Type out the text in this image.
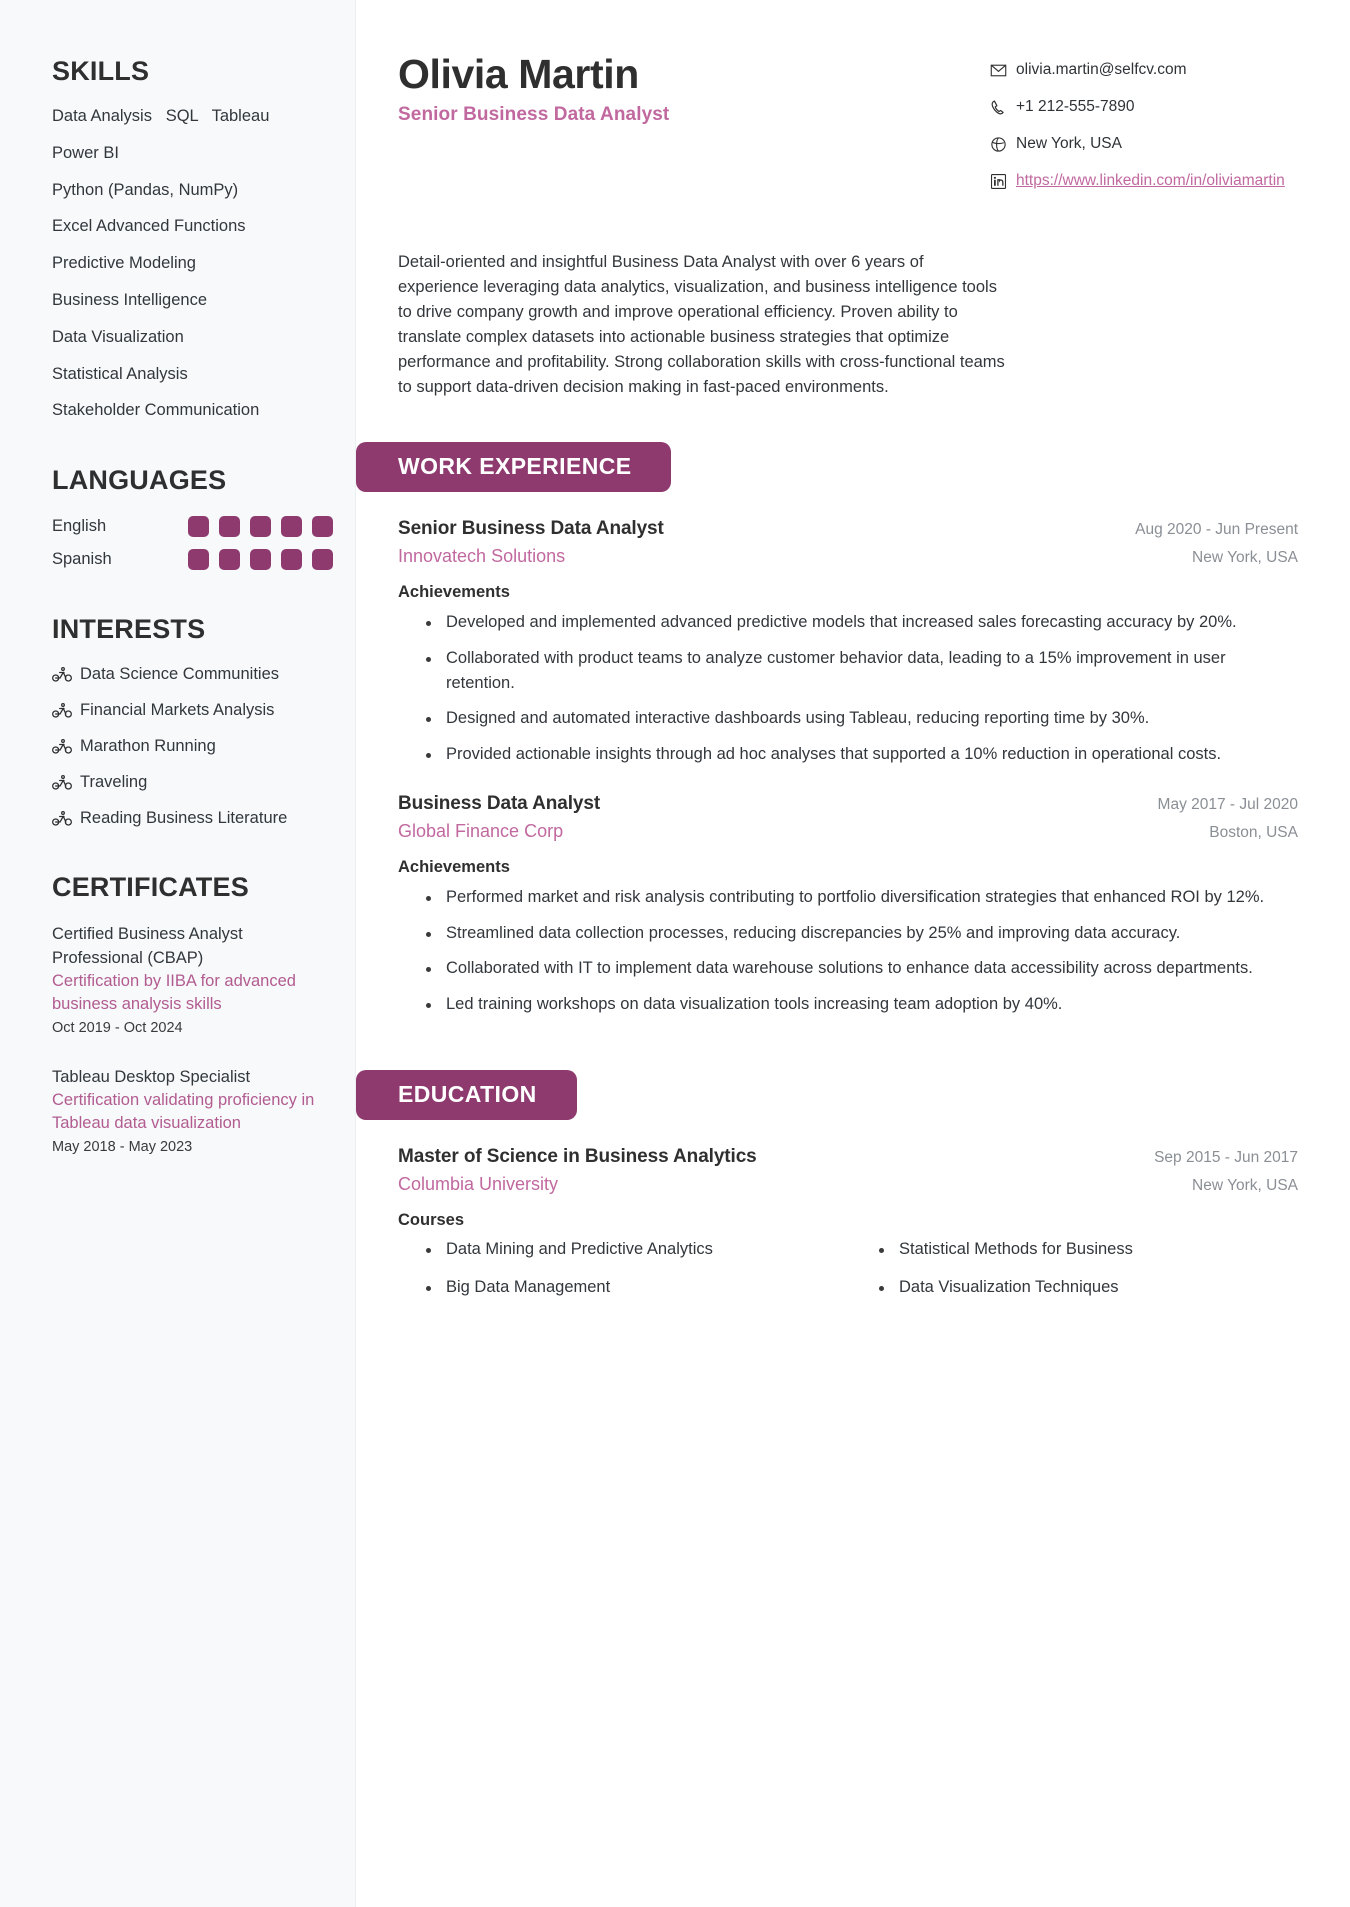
SKILLS
Data Analysis   SQL   Tableau
Power BI
Python (Pandas, NumPy)
Excel Advanced Functions
Predictive Modeling
Business Intelligence
Data Visualization
Statistical Analysis
Stakeholder Communication
LANGUAGES
English
Spanish
INTERESTS
Data Science Communities
Financial Markets Analysis
Marathon Running
Traveling
Reading Business Literature
CERTIFICATES
Certified Business Analyst Professional (CBAP)
Certification by IIBA for advanced business analysis skills
Oct 2019 - Oct 2024
Tableau Desktop Specialist
Certification validating proficiency in Tableau data visualization
May 2018 - May 2023
Olivia Martin
Senior Business Data Analyst
olivia.martin@selfcv.com
+1 212-555-7890
New York, USA
https://www.linkedin.com/in/oliviamartin

Detail-oriented and insightful Business Data Analyst with over 6 years of experience leveraging data analytics, visualization, and business intelligence tools to drive company growth and improve operational efficiency. Proven ability to translate complex datasets into actionable business strategies that optimize performance and profitability. Strong collaboration skills with cross-functional teams to support data-driven decision making in fast-paced environments.

WORK EXPERIENCE
Senior Business Data Analyst
Innovatech Solutions
Aug 2020 - Jun Present
New York, USA
Achievements
Developed and implemented advanced predictive models that increased sales forecasting accuracy by 20%.
Collaborated with product teams to analyze customer behavior data, leading to a 15% improvement in user retention.
Designed and automated interactive dashboards using Tableau, reducing reporting time by 30%.
Provided actionable insights through ad hoc analyses that supported a 10% reduction in operational costs.
Business Data Analyst
Global Finance Corp
May 2017 - Jul 2020
Boston, USA
Achievements
Performed market and risk analysis contributing to portfolio diversification strategies that enhanced ROI by 12%.
Streamlined data collection processes, reducing discrepancies by 25% and improving data accuracy.
Collaborated with IT to implement data warehouse solutions to enhance data accessibility across departments.
Led training workshops on data visualization tools increasing team adoption by 40%.
EDUCATION
Master of Science in Business Analytics
Columbia University
Sep 2015 - Jun 2017
New York, USA
Courses
Data Mining and Predictive Analytics	Statistical Methods for Business
Big Data Management	Data Visualization Techniques
